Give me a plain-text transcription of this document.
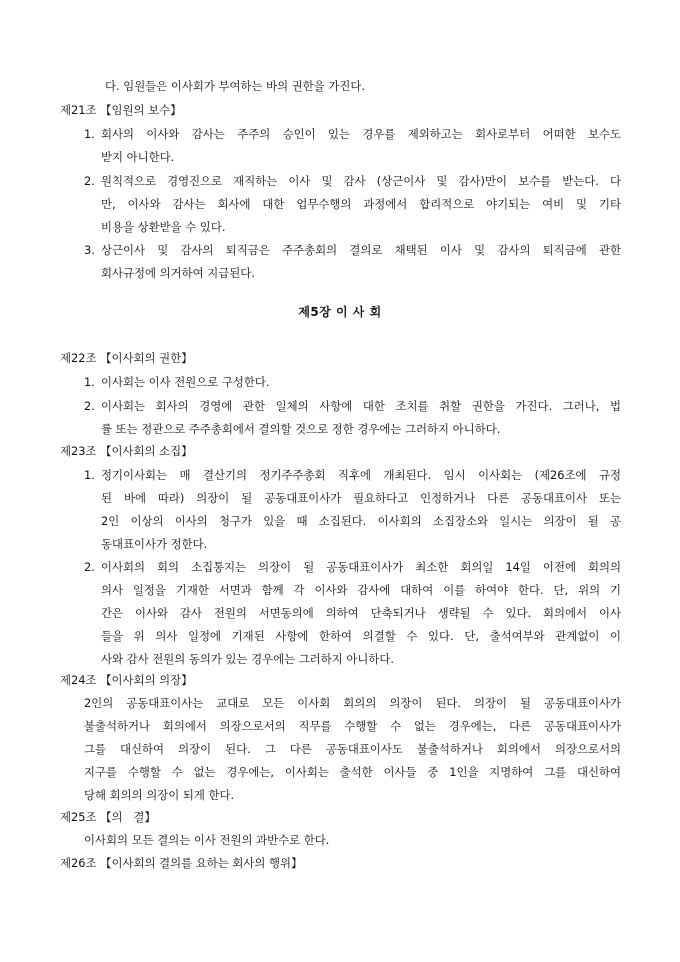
다. 임원들은 이사회가 부여하는 바의 권한을 가진다.
제21조 【임원의 보수】
1. 회사의 이사와 감사는 주주의 승인이 있는 경우를 제외하고는 회사로부터 어떠한 보수도
받지 아니한다.
2. 원칙적으로 경영진으로 재직하는 이사 및 감사 (상근이사 및 감사)만이 보수를 받는다. 다
만, 이사와 감사는 회사에 대한 업무수행의 과정에서 합리적으로 야기되는 여비 및 기타
비용을 상환받을 수 있다.
3. 상근이사 및 감사의 퇴직금은 주주총회의 결의로 채택된 이사 및 감사의 퇴직금에 관한
회사규정에 의거하여 지급된다.
제5장 이 사 회
제22조 【이사회의 권한】
1. 이사회는 이사 전원으로 구성한다.
2. 이사회는 회사의 경영에 관한 일체의 사항에 대한 조치를 취할 권한을 가진다. 그러나, 법
률 또는 정관으로 주주총회에서 결의할 것으로 정한 경우에는 그러하지 아니하다.
제23조 【이사회의 소집】
1. 정기이사회는 매 결산기의 정기주주총회 직후에 개최된다. 임시 이사회는 (제26조에 규정
된 바에 따라) 의장이 될 공동대표이사가 필요하다고 인정하거나 다른 공동대표이사 또는
2인 이상의 이사의 청구가 있을 때 소집된다. 이사회의 소집장소와 일시는 의장이 될 공
동대표이사가 정한다.
2. 이사회의 회의 소집통지는 의장이 될 공동대표이사가 최소한 회의일 14일 이전에 회의의
의사 일정을 기재한 서면과 함께 각 이사와 감사에 대하여 이를 하여야 한다. 단, 위의 기
간은 이사와 감사 전원의 서면동의에 의하여 단축되거나 생략될 수 있다. 회의에서 이사
들을 위 의사 일정에 기재된 사항에 한하여 의결할 수 있다. 단, 출석여부와 관계없이 이
사와 감사 전원의 동의가 있는 경우에는 그러하지 아니하다.
제24조 【이사회의 의장】
2인의 공동대표이사는 교대로 모든 이사회 회의의 의장이 된다. 의장이 될 공동대표이사가
불출석하거나 회의에서 의장으로서의 직무를 수행할 수 없는 경우에는, 다른 공동대표이사가
그를 대신하여 의장이 된다. 그 다른 공동대표이사도 불출석하거나 회의에서 의장으로서의
지구를 수행할 수 없는 경우에는, 이사회는 출석한 이사들 중 1인을 지명하여 그를 대신하여
당해 회의의 의장이 되게 한다.
제25조 【의   결】
이사회의 모든 결의는 이사 전원의 과반수로 한다.
제26조 【이사회의 결의를 요하는 회사의 행위】
